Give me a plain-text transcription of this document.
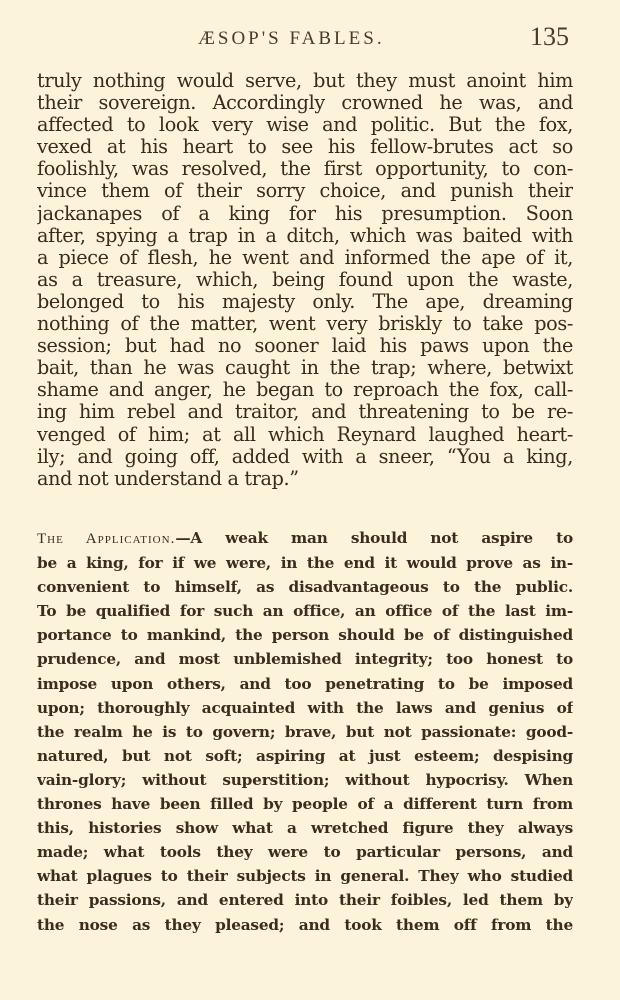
ÆSOP'S FABLES.	135
truly nothing would serve, but they must anoint him
their sovereign. Accordingly crowned he was, and
affected to look very wise and politic. But the fox,
vexed at his heart to see his fellow-brutes act so
foolishly, was resolved, the first opportunity, to con-
vince them of their sorry choice, and punish their
jackanapes of a king for his presumption. Soon
after, spying a trap in a ditch, which was baited with
a piece of flesh, he went and informed the ape of it,
as a treasure, which, being found upon the waste,
belonged to his majesty only. The ape, dreaming
nothing of the matter, went very briskly to take pos-
session; but had no sooner laid his paws upon the
bait, than he was caught in the trap; where, betwixt
shame and anger, he began to reproach the fox, call-
ing him rebel and traitor, and threatening to be re-
venged of him; at all which Reynard laughed heart-
ily; and going off, added with a sneer, “You a king,
and not understand a trap.”
The Application.—A weak man should not aspire to
be a king, for if we were, in the end it would prove as in-
convenient to himself, as disadvantageous to the public.
To be qualified for such an office, an office of the last im-
portance to mankind, the person should be of distinguished
prudence, and most unblemished integrity; too honest to
impose upon others, and too penetrating to be imposed
upon; thoroughly acquainted with the laws and genius of
the realm he is to govern; brave, but not passionate: good-
natured, but not soft; aspiring at just esteem; despising
vain-glory; without superstition; without hypocrisy. When
thrones have been filled by people of a different turn from
this, histories show what a wretched figure they always
made; what tools they were to particular persons, and
what plagues to their subjects in general. They who studied
their passions, and entered into their foibles, led them by
the nose as they pleased; and took them off from the
